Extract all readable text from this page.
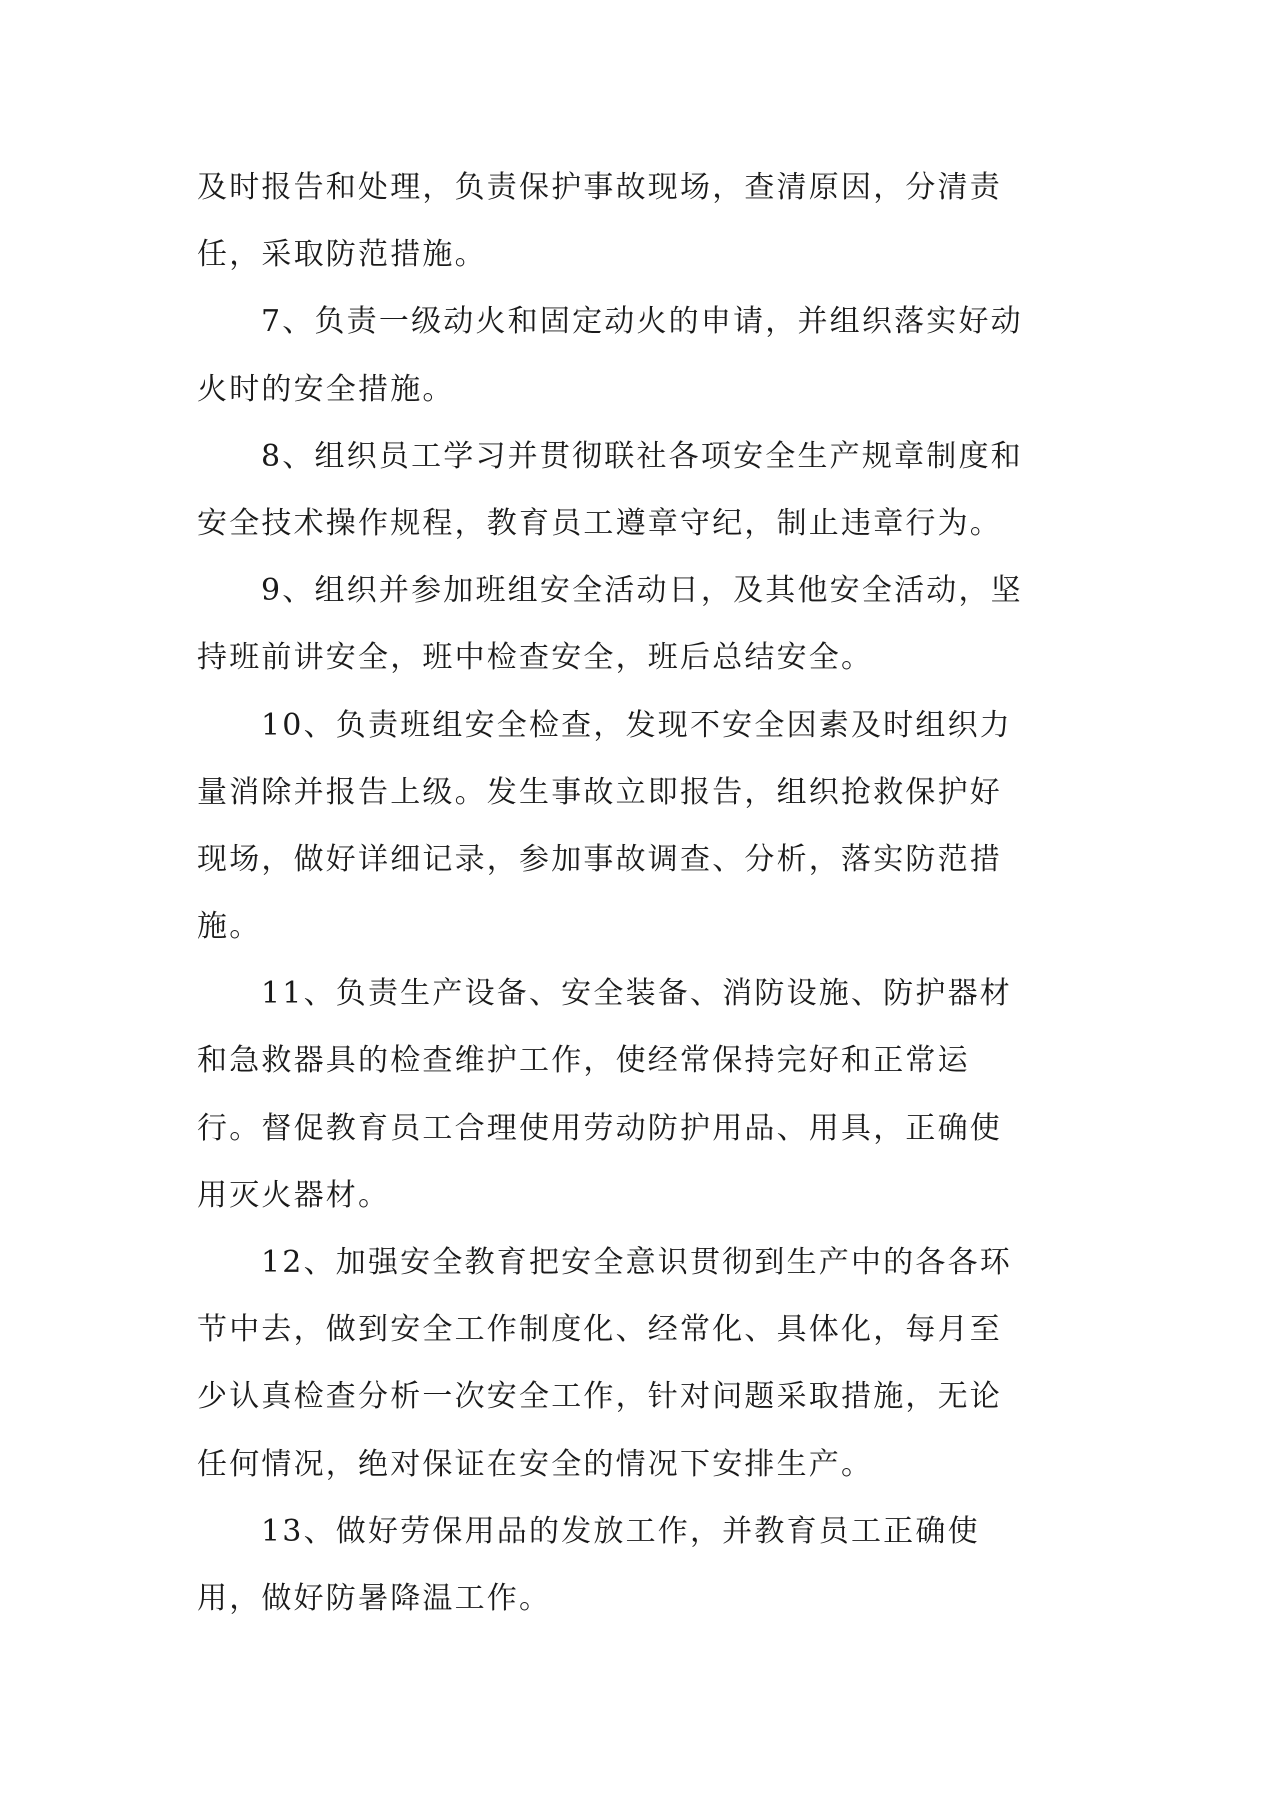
及时报告和处理，负责保护事故现场，查清原因，分清责
任，采取防范措施。
7、负责一级动火和固定动火的申请，并组织落实好动
火时的安全措施。
8、组织员工学习并贯彻联社各项安全生产规章制度和
安全技术操作规程，教育员工遵章守纪，制止违章行为。
9、组织并参加班组安全活动日，及其他安全活动，坚
持班前讲安全，班中检查安全，班后总结安全。
10、负责班组安全检查，发现不安全因素及时组织力
量消除并报告上级。发生事故立即报告，组织抢救保护好
现场，做好详细记录，参加事故调查、分析，落实防范措
施。
11、负责生产设备、安全装备、消防设施、防护器材
和急救器具的检查维护工作，使经常保持完好和正常运
行。督促教育员工合理使用劳动防护用品、用具，正确使
用灭火器材。
12、加强安全教育把安全意识贯彻到生产中的各各环
节中去，做到安全工作制度化、经常化、具体化，每月至
少认真检查分析一次安全工作，针对问题采取措施，无论
任何情况，绝对保证在安全的情况下安排生产。
13、做好劳保用品的发放工作，并教育员工正确使
用，做好防暑降温工作。
